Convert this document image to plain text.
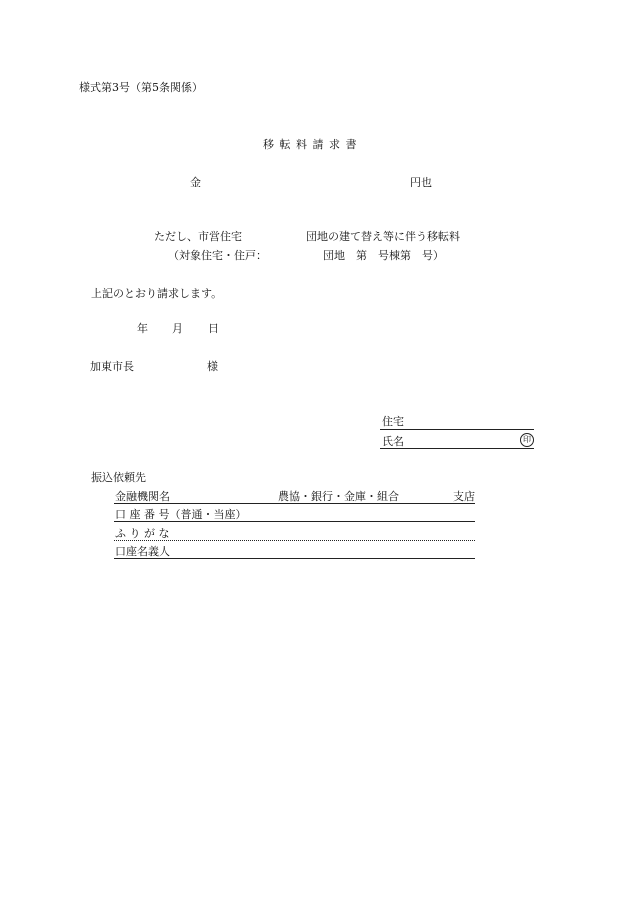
様式第3号（第5条関係）
移 転 料 請 求 書
金	円也
ただし、市営住宅	団地の建て替え等に伴う移転料
（対象住宅・住戸：	団地　第　号棟第　号）
上記のとおり請求します。
年 月 日
加東市長	様
住宅
氏名	印
振込依頼先
金融機関名	農協・銀行・金庫・組合	支店
口 座 番 号（普通・当座）
ふ り が な
口座名義人
